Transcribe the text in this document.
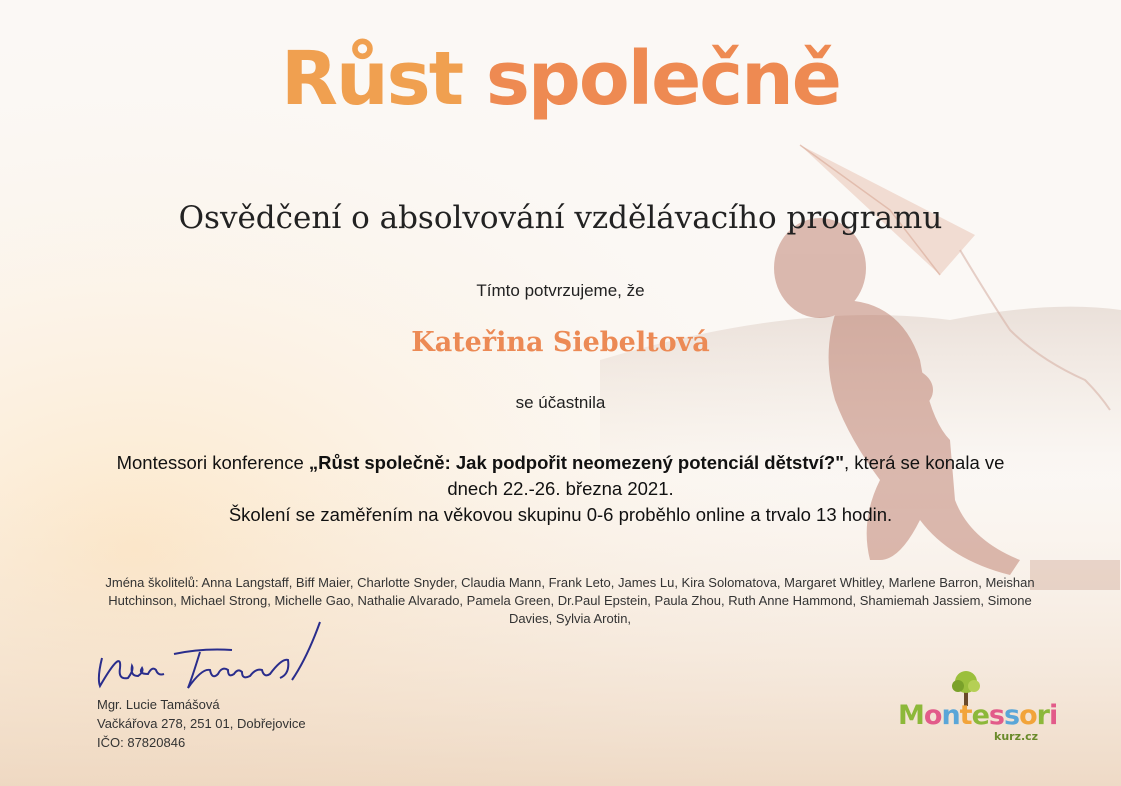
Růst společně
Osvědčení o absolvování vzdělávacího programu
Tímto potvrzujeme, že
Kateřina Siebeltová
se účastnila
Montessori konference „Růst společně: Jak podpořit neomezený potenciál dětství?", která se konala ve dnech 22.-26. března 2021.
Školení se zaměřením na věkovou skupinu 0-6 proběhlo online a trvalo 13 hodin.
Jména školitelů: Anna Langstaff, Biff Maier, Charlotte Snyder, Claudia Mann, Frank Leto, James Lu, Kira Solomatova, Margaret Whitley, Marlene Barron, Meishan Hutchinson, Michael Strong, Michelle Gao, Nathalie Alvarado, Pamela Green, Dr.Paul Epstein, Paula Zhou, Ruth Anne Hammond, Shamiemah Jassiem, Simone Davies, Sylvia Arotin,
Mgr. Lucie Tamášová
Vačkářova 278, 251 01, Dobřejovice
IČO: 87820846
Montessori
kurz.cz
